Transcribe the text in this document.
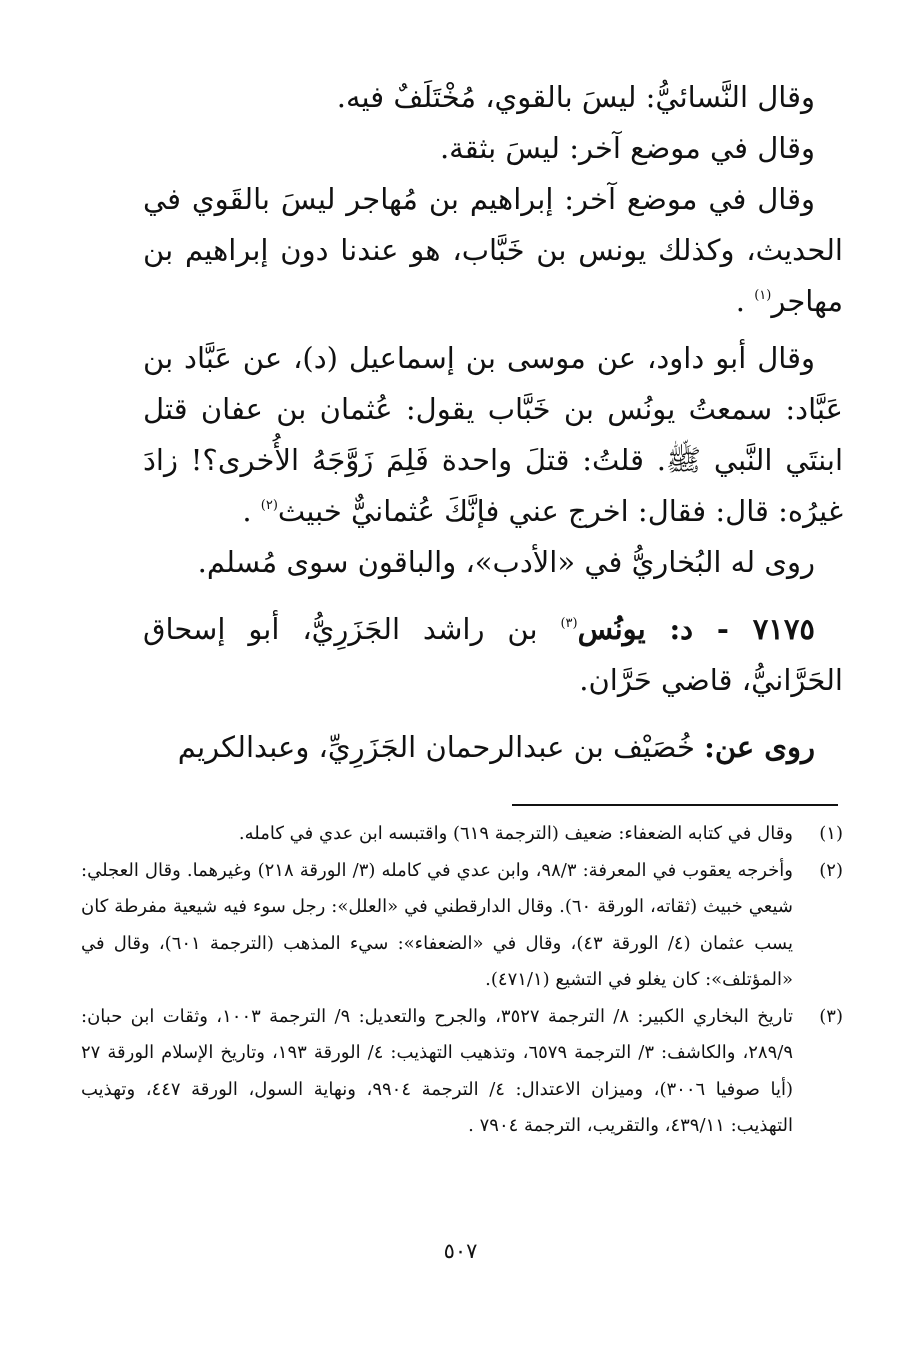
وقال النَّسائيُّ: ليسَ بالقوي، مُخْتَلَفٌ فيه.

وقال في موضع آخر: ليسَ بثقة.

وقال في موضع آخر: إبراهيم بن مُهاجر ليسَ بالقَوي في الحديث، وكذلك يونس بن خَبَّاب، هو عندنا دون إبراهيم بن مهاجر$^{(١)}$ .

وقال أبو داود، عن موسى بن إسماعيل (د)، عن عَبَّاد بن عَبَّاد: سمعتُ يونُس بن خَبَّاب يقول: عُثمان بن عفان قتل ابنتَي النَّبي ﷺ. قلتُ: قتلَ واحدة فَلِمَ زَوَّجَهُ الأُخرى؟! زادَ غيرُه: قال: فقال: اخرج عني فإنَّكَ عُثمانيٌّ خبيث$^{(٢)}$ .

روى له البُخاريُّ في «الأدب»، والباقون سوى مُسلم.

٧١٧٥ - د: يونُس$^{(٣)}$ بن راشد الجَزَرِيُّ، أبو إسحاق الحَرَّانيُّ، قاضي حَرَّان.

روى عن: خُصَيْف بن عبدالرحمان الجَزَرِيِّ، وعبدالكريم

(١)
وقال في كتابه الضعفاء: ضعيف (الترجمة ٦١٩) واقتبسه ابن عدي في كامله.
(٢)
وأخرجه يعقوب في المعرفة: ٩٨/٣، وابن عدي في كامله (٣/ الورقة ٢١٨) وغيرهما. وقال العجلي: شيعي خبيث (ثقاته، الورقة ٦٠). وقال الدارقطني في «العلل»: رجل سوء فيه شيعية مفرطة كان يسب عثمان (٤/ الورقة ٤٣)، وقال في «الضعفاء»: سيء المذهب (الترجمة ٦٠١)، وقال في «المؤتلف»: كان يغلو في التشيع (٤٧١/١).
(٣)
تاريخ البخاري الكبير: ٨/ الترجمة ٣٥٢٧، والجرح والتعديل: ٩/ الترجمة ١٠٠٣، وثقات ابن حبان: ٢٨٩/٩، والكاشف: ٣/ الترجمة ٦٥٧٩، وتذهيب التهذيب: ٤/ الورقة ١٩٣، وتاريخ الإسلام الورقة ٢٧ (أيا صوفيا ٣٠٠٦)، وميزان الاعتدال: ٤/ الترجمة ٩٩٠٤، ونهاية السول، الورقة ٤٤٧، وتهذيب التهذيب: ٤٣٩/١١، والتقريب، الترجمة ٧٩٠٤ .
٥٠٧
